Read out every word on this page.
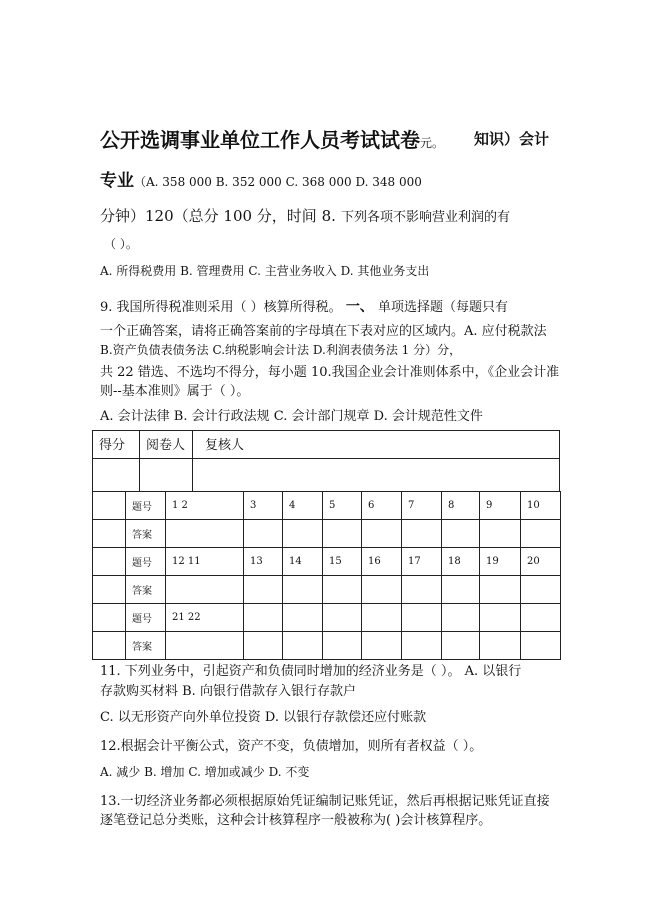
公开选调事业单位工作人员考试试卷元。 知识）会计
专业（A. 358 000 B. 352 000 C. 368 000 D. 348 000
分钟）120（总分 100 分，时间 8. 下列各项不影响营业利润的有
（ ）。
A. 所得税费用 B. 管理费用 C. 主营业务收入 D. 其他业务支出
9. 我国所得税准则采用（ ）核算所得税。 一、 单项选择题（每题只有
一个正确答案，请将正确答案前的字母填在下表对应的区域内。A. 应付税款法
B.资产负债表债务法 C.纳税影响会计法 D.利润表债务法 1 分）分，
共 22 错选、不选均不得分，每小题 10.我国企业会计准则体系中，《企业会计准
则--基本准则》属于（ ）。
A. 会计法律 B. 会计行政法规 C. 会计部门规章 D. 会计规范性文件
得分 阅卷人 复核人
	题号	1 2	3	4	5	6	7	8	9	10
	答案									
	题号	12 11	13	14	15	16	17	18	19	20
	答案									
	题号	21 22								
	答案									
11. 下列业务中，引起资产和负债同时增加的经济业务是（ ）。 A. 以银行
存款购买材料 B. 向银行借款存入银行存款户
C. 以无形资产向外单位投资 D. 以银行存款偿还应付账款
12.根据会计平衡公式，资产不变，负债增加，则所有者权益（ ）。
A. 减少 B. 增加 C. 增加或减少 D. 不变
13.一切经济业务都必须根据原始凭证编制记账凭证，然后再根据记账凭证直接
逐笔登记总分类账，这种会计核算程序一般被称为( )会计核算程序。
